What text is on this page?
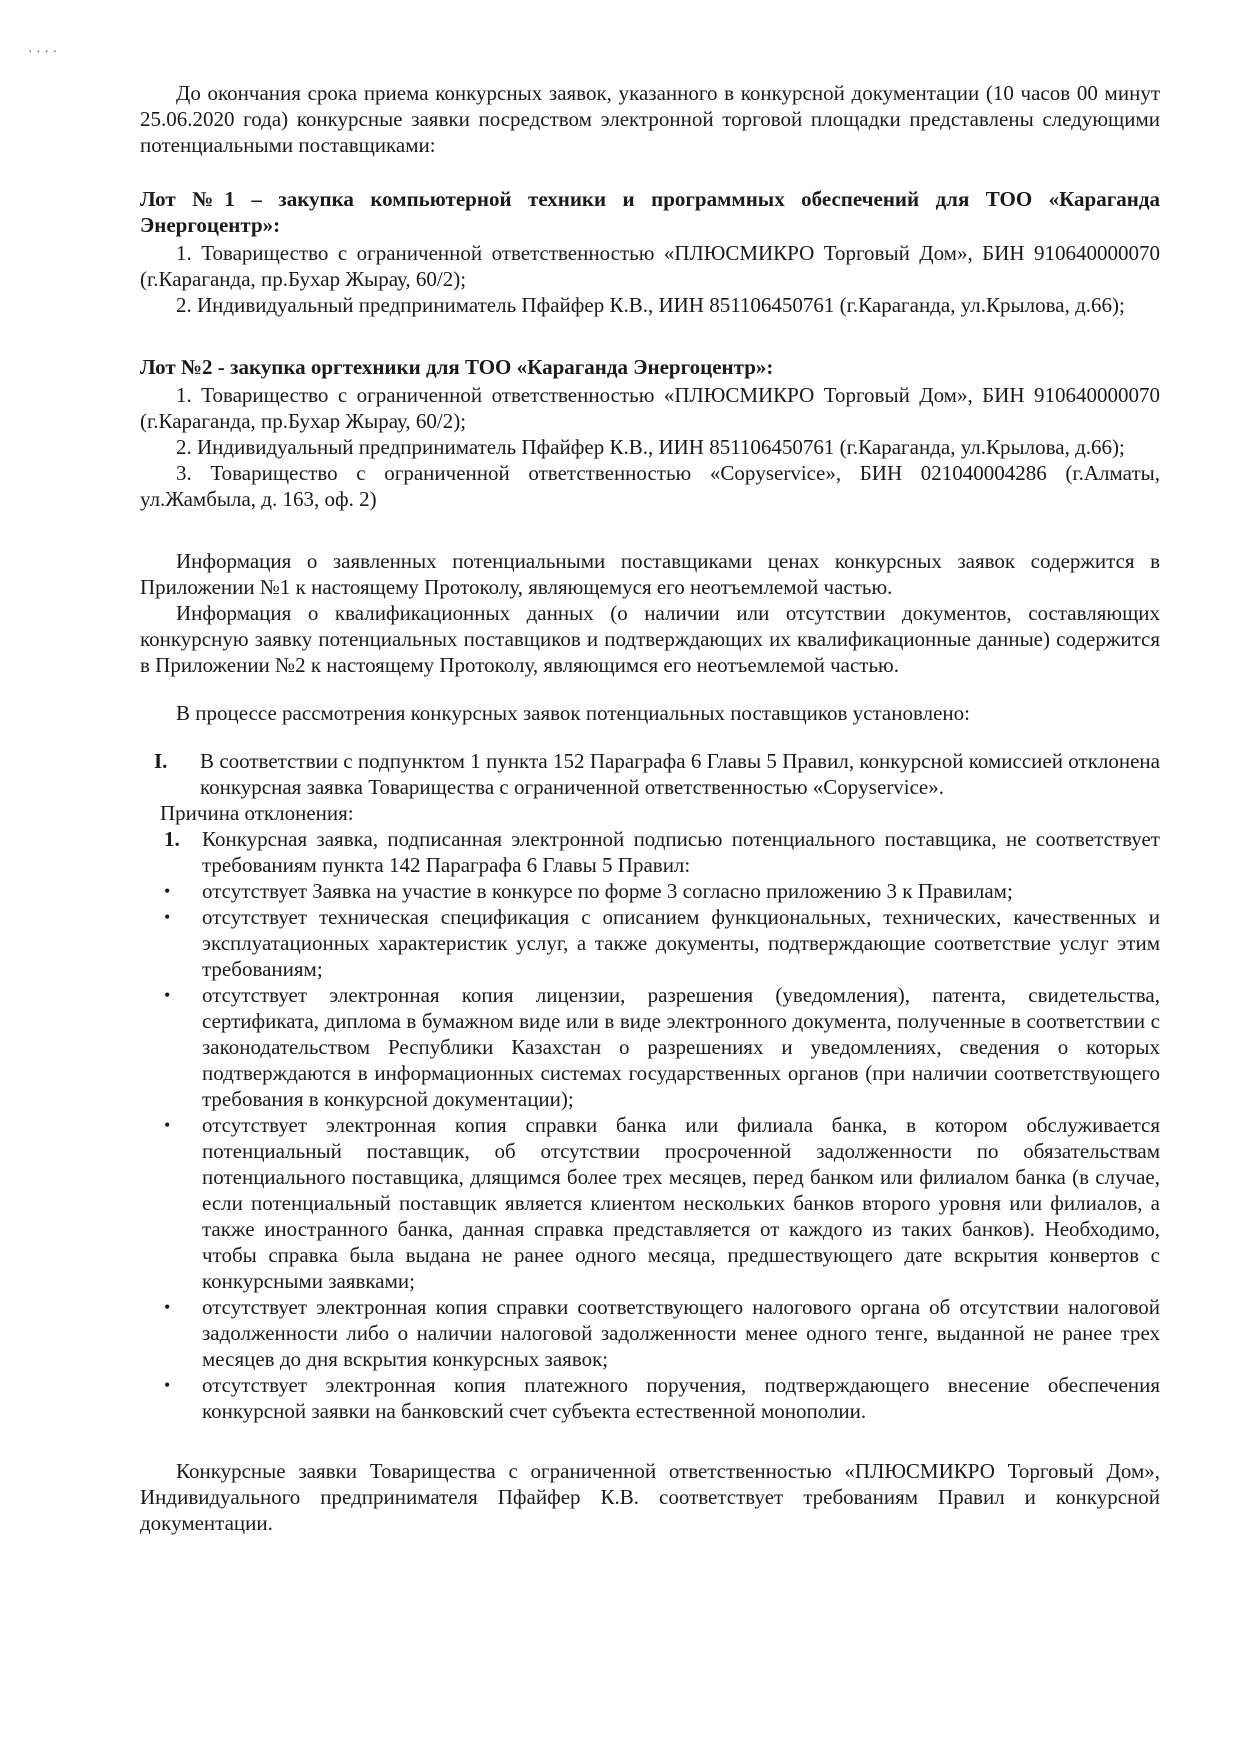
· · · ·

До окончания срока приема конкурсных заявок, указанного в конкурсной документации (10 часов 00 минут 25.06.2020 года) конкурсные заявки посредством электронной торговой площадки представлены следующими потенциальными поставщиками:

Лот №1 – закупка компьютерной техники и программных обеспечений для ТОО «Караганда Энергоцентр»:

1. Товарищество с ограниченной ответственностью «ПЛЮСМИКРО Торговый Дом», БИН 910640000070 (г.Караганда, пр.Бухар Жырау, 60/2);

2. Индивидуальный предприниматель Пфайфер К.В., ИИН 851106450761 (г.Караганда, ул.Крылова, д.66);

Лот №2 - закупка оргтехники для ТОО «Караганда Энергоцентр»:

1. Товарищество с ограниченной ответственностью «ПЛЮСМИКРО Торговый Дом», БИН 910640000070 (г.Караганда, пр.Бухар Жырау, 60/2);

2. Индивидуальный предприниматель Пфайфер К.В., ИИН 851106450761 (г.Караганда, ул.Крылова, д.66);

3. Товарищество с ограниченной ответственностью «Copyservice», БИН 021040004286 (г.Алматы, ул.Жамбыла, д. 163, оф. 2)

Информация о заявленных потенциальными поставщиками ценах конкурсных заявок содержится в Приложении №1 к настоящему Протоколу, являющемуся его неотъемлемой частью.

Информация о квалификационных данных (о наличии или отсутствии документов, составляющих конкурсную заявку потенциальных поставщиков и подтверждающих их квалификационные данные) содержится в Приложении №2 к настоящему Протоколу, являющимся его неотъемлемой частью.

В процессе рассмотрения конкурсных заявок потенциальных поставщиков установлено:

I.	В соответствии с подпунктом 1 пункта 152 Параграфа 6 Главы 5 Правил, конкурсной комиссией отклонена конкурсная заявка Товарищества с ограниченной ответственностью «Copyservice».

Причина отклонения:

1.	Конкурсная заявка, подписанная электронной подписью потенциального поставщика, не соответствует требованиям пункта 142 Параграфа 6 Главы 5 Правил:
•	отсутствует Заявка на участие в конкурсе по форме 3 согласно приложению 3 к Правилам;
•	отсутствует техническая спецификация с описанием функциональных, технических, качественных и эксплуатационных характеристик услуг, а также документы, подтверждающие соответствие услуг этим требованиям;
•	отсутствует электронная копия лицензии, разрешения (уведомления), патента, свидетельства, сертификата, диплома в бумажном виде или в виде электронного документа, полученные в соответствии с законодательством Республики Казахстан о разрешениях и уведомлениях, сведения о которых подтверждаются в информационных системах государственных органов (при наличии соответствующего требования в конкурсной документации);
•	отсутствует электронная копия справки банка или филиала банка, в котором обслуживается потенциальный поставщик, об отсутствии просроченной задолженности по обязательствам потенциального поставщика, длящимся более трех месяцев, перед банком или филиалом банка (в случае, если потенциальный поставщик является клиентом нескольких банков второго уровня или филиалов, а также иностранного банка, данная справка представляется от каждого из таких банков). Необходимо, чтобы справка была выдана не ранее одного месяца, предшествующего дате вскрытия конвертов с конкурсными заявками;
•	отсутствует электронная копия справки соответствующего налогового органа об отсутствии налоговой задолженности либо о наличии налоговой задолженности менее одного тенге, выданной не ранее трех месяцев до дня вскрытия конкурсных заявок;
•	отсутствует электронная копия платежного поручения, подтверждающего внесение обеспечения конкурсной заявки на банковский счет субъекта естественной монополии.

Конкурсные заявки Товарищества с ограниченной ответственностью «ПЛЮСМИКРО Торговый Дом», Индивидуального предпринимателя Пфайфер К.В. соответствует требованиям Правил и конкурсной документации.
